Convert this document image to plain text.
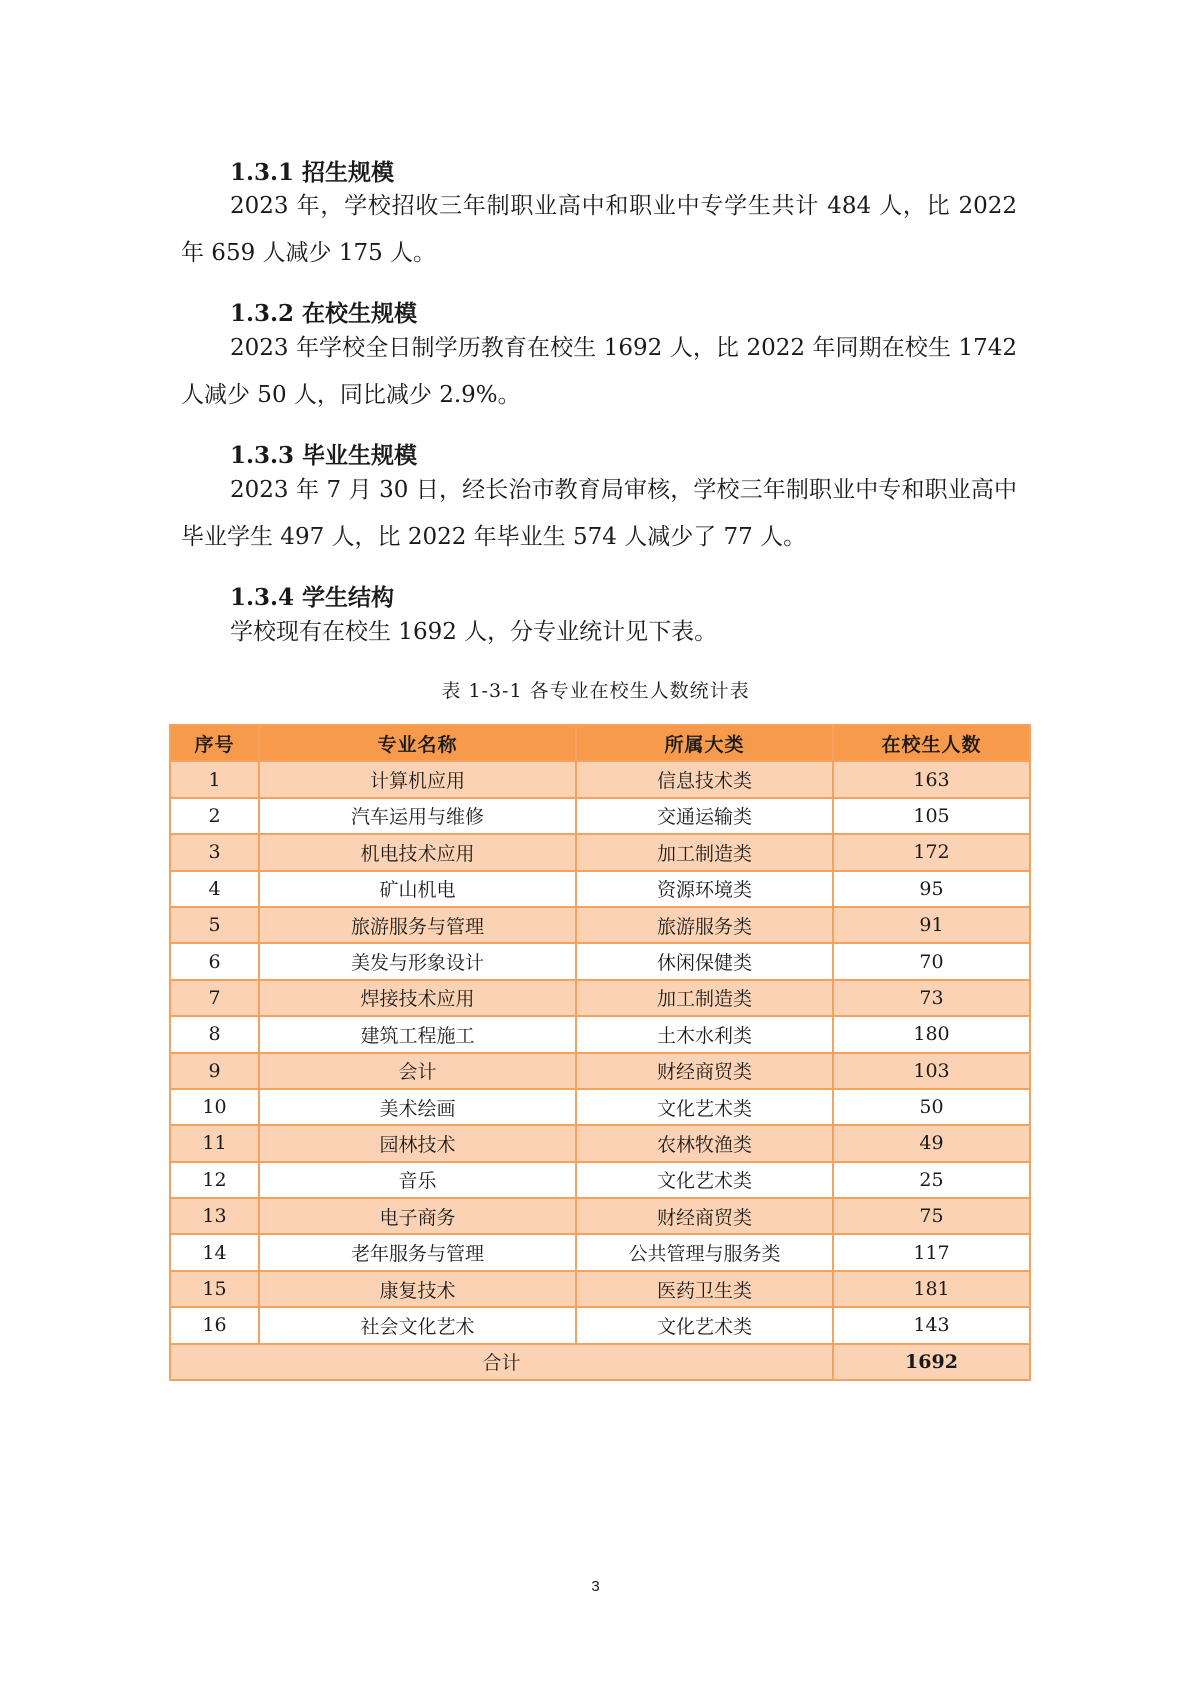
1.3.1 招生规模
2023 年，学校招收三年制职业高中和职业中专学生共计 484 人，比 2022 年 659 人减少 175 人。
1.3.2 在校生规模
2023 年学校全日制学历教育在校生 1692 人，比 2022 年同期在校生 1742 人减少 50 人，同比减少 2.9%。
1.3.3 毕业生规模
2023 年 7 月 30 日，经长治市教育局审核，学校三年制职业中专和职业高中毕业学生 497 人，比 2022 年毕业生 574 人减少了 77 人。
1.3.4 学生结构
学校现有在校生 1692 人，分专业统计见下表。
表 1-3-1 各专业在校生人数统计表
序号	专业名称	所属大类	在校生人数
1	计算机应用	信息技术类	163
2	汽车运用与维修	交通运输类	105
3	机电技术应用	加工制造类	172
4	矿山机电	资源环境类	95
5	旅游服务与管理	旅游服务类	91
6	美发与形象设计	休闲保健类	70
7	焊接技术应用	加工制造类	73
8	建筑工程施工	土木水利类	180
9	会计	财经商贸类	103
10	美术绘画	文化艺术类	50
11	园林技术	农林牧渔类	49
12	音乐	文化艺术类	25
13	电子商务	财经商贸类	75
14	老年服务与管理	公共管理与服务类	117
15	康复技术	医药卫生类	181
16	社会文化艺术	文化艺术类	143
合计			1692
3
